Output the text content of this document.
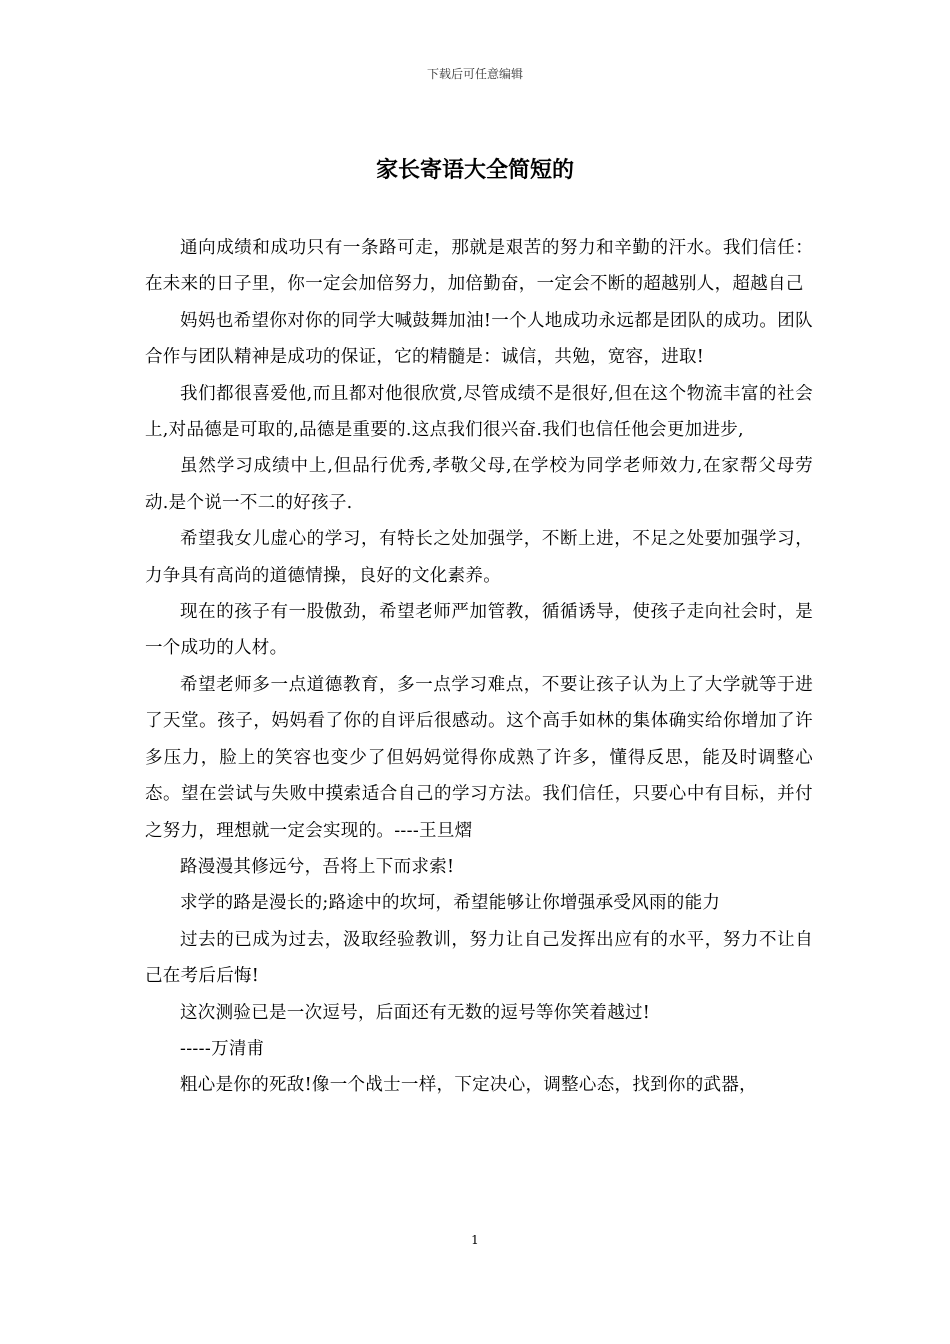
下载后可任意编辑
家长寄语大全简短的

通向成绩和成功只有一条路可走，那就是艰苦的努力和辛勤的汗水。我们信任：在未来的日子里，你一定会加倍努力，加倍勤奋，一定会不断的超越别人，超越自己

妈妈也希望你对你的同学大喊鼓舞加油!一个人地成功永远都是团队的成功。团队合作与团队精神是成功的保证，它的精髓是：诚信，共勉，宽容，进取!

我们都很喜爱他,而且都对他很欣赏,尽管成绩不是很好,但在这个物流丰富的社会上,对品德是可取的,品德是重要的.这点我们很兴奋.我们也信任他会更加进步,

虽然学习成绩中上,但品行优秀,孝敬父母,在学校为同学老师效力,在家帮父母劳动.是个说一不二的好孩子.

希望我女儿虚心的学习，有特长之处加强学，不断上进，不足之处要加强学习，力争具有高尚的道德情操，良好的文化素养。

现在的孩子有一股傲劲，希望老师严加管教，循循诱导，使孩子走向社会时，是一个成功的人材。

希望老师多一点道德教育，多一点学习难点，不要让孩子认为上了大学就等于进了天堂。孩子，妈妈看了你的自评后很感动。这个高手如林的集体确实给你增加了许多压力，脸上的笑容也变少了但妈妈觉得你成熟了许多，懂得反思，能及时调整心态。望在尝试与失败中摸索适合自己的学习方法。我们信任，只要心中有目标，并付之努力，理想就一定会实现的。----王旦熠

路漫漫其修远兮，吾将上下而求索!

求学的路是漫长的;路途中的坎坷，希望能够让你增强承受风雨的能力

过去的已成为过去，汲取经验教训，努力让自己发挥出应有的水平，努力不让自己在考后后悔!

这次测验已是一次逗号，后面还有无数的逗号等你笑着越过!

-----万清甫

粗心是你的死敌!像一个战士一样，下定决心，调整心态，找到你的武器，

1
